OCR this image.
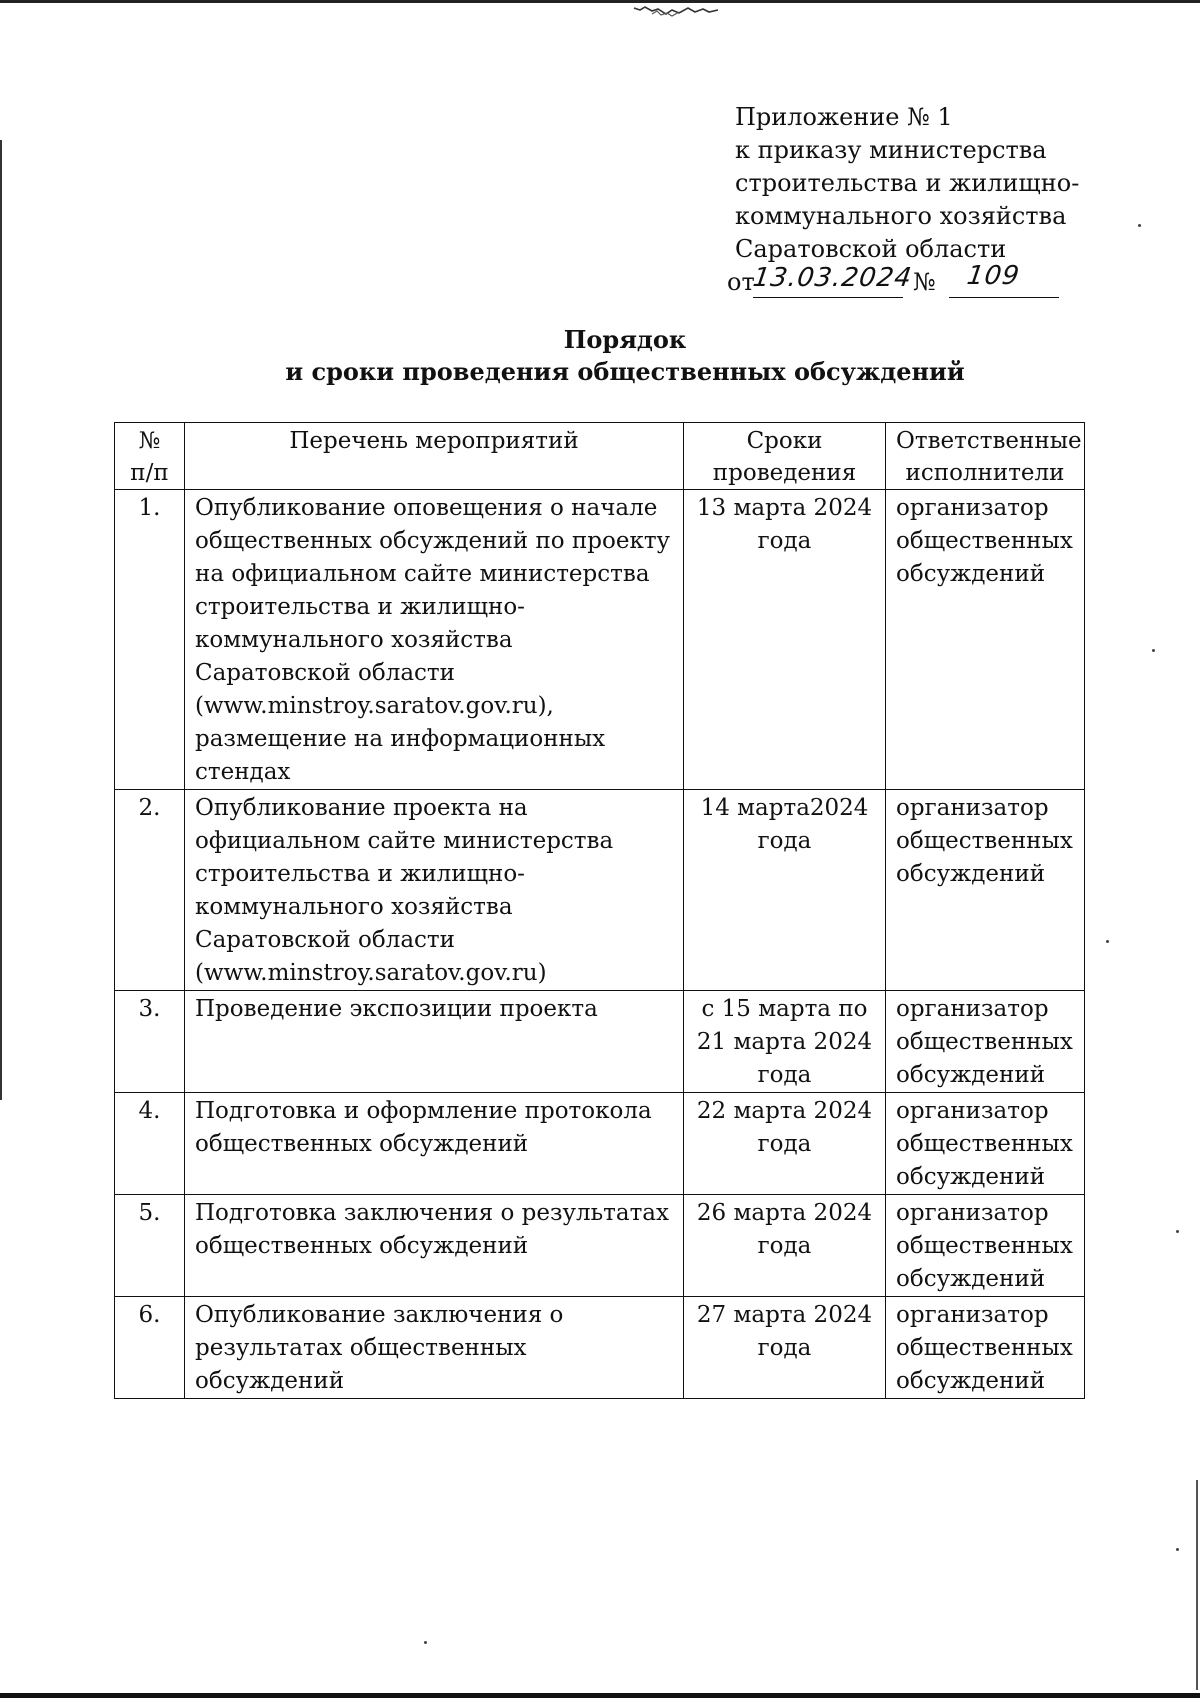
Приложение № 1
к приказу министерства
строительства и жилищно-
коммунального хозяйства
Саратовской области
от
13.03.2024
№ 109
Порядок
и сроки проведения общественных обсуждений
№ п/п	Перечень мероприятий	Сроки проведения	Ответственные исполнители
1.	Опубликование оповещения о начале общественных обсуждений по проекту на официальном сайте министерства строительства и жилищно-коммунального хозяйства Саратовской области (www.minstroy.saratov.gov.ru), размещение на информационных стендах	13 марта 2024 года	организатор общественных обсуждений
2.	Опубликование проекта на официальном сайте министерства строительства и жилищно-коммунального хозяйства Саратовской области (www.minstroy.saratov.gov.ru)	14 марта2024 года	организатор общественных обсуждений
3.	Проведение экспозиции проекта	с 15 марта по 21 марта 2024 года	организатор общественных обсуждений
4.	Подготовка и оформление протокола общественных обсуждений	22 марта 2024 года	организатор общественных обсуждений
5.	Подготовка заключения о результатах общественных обсуждений	26 марта 2024 года	организатор общественных обсуждений
6.	Опубликование заключения о результатах общественных обсуждений	27 марта 2024 года	организатор общественных обсуждений
